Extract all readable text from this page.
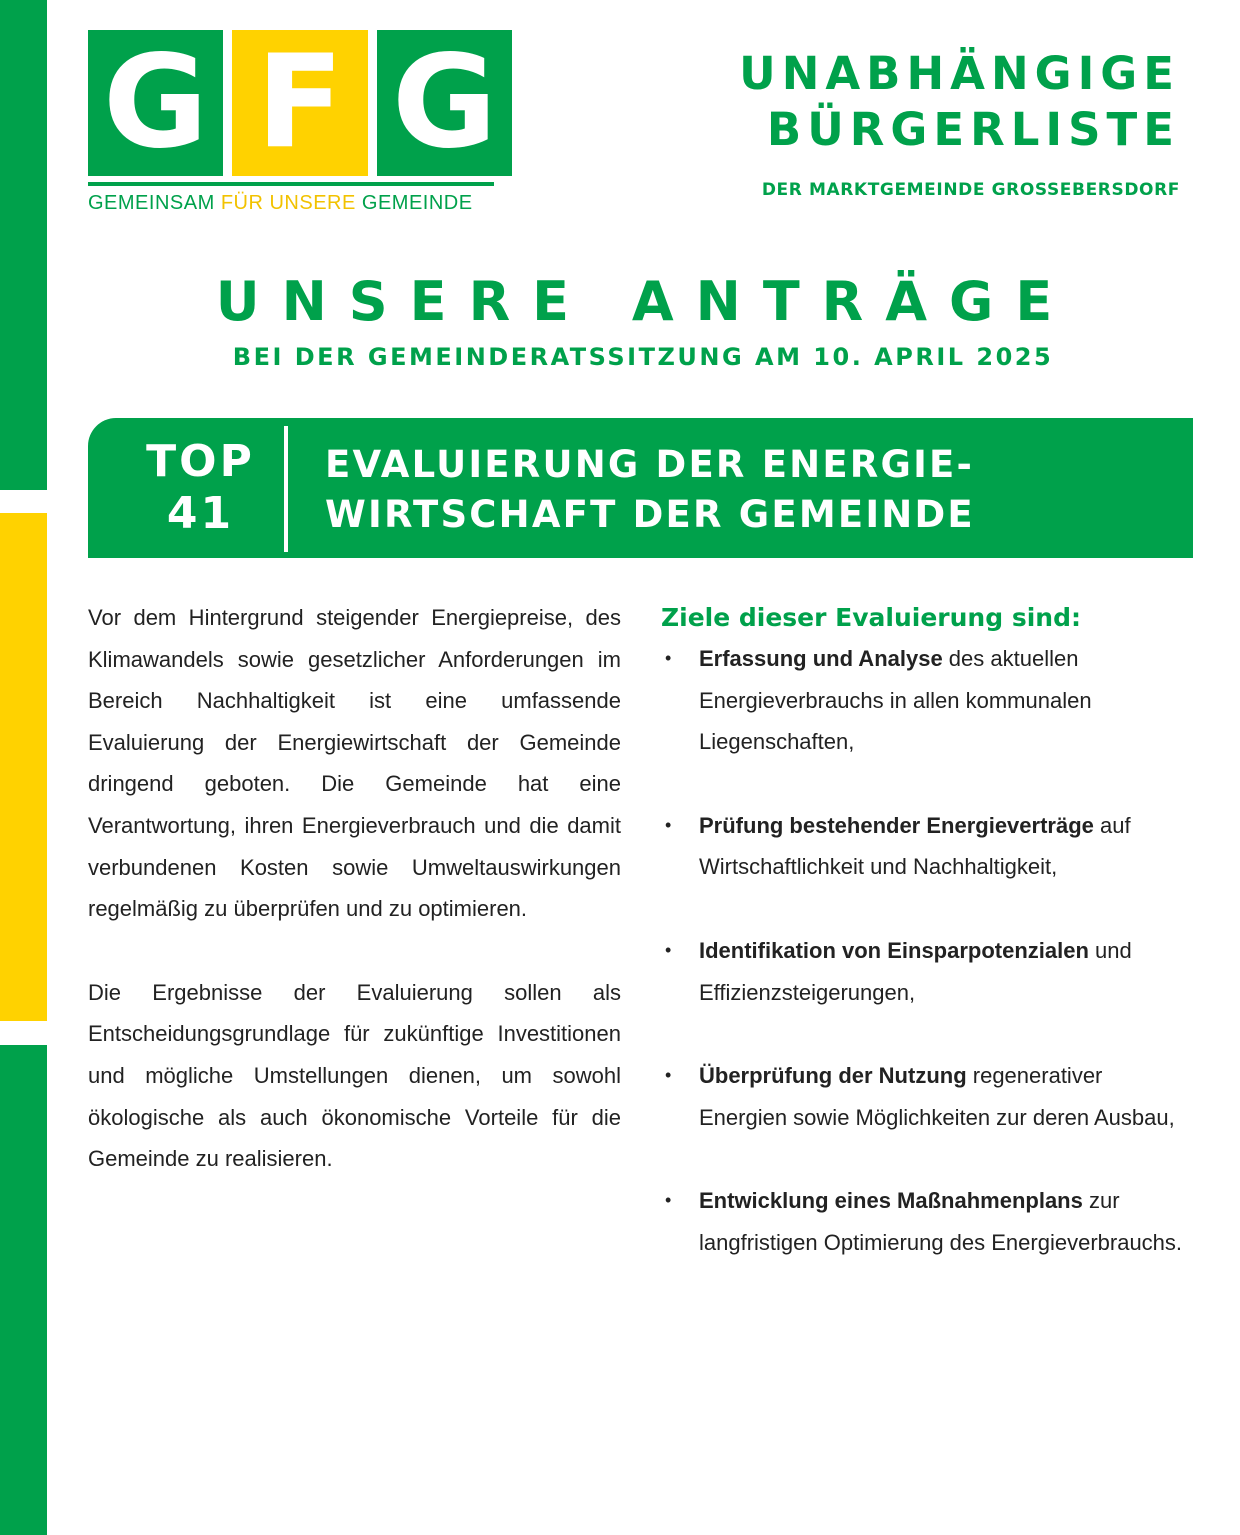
G F G
GEMEINSAM FÜR UNSERE GEMEINDE
UNABHÄNGIGE
BÜRGERLISTE
DER MARKTGEMEINDE GROSSEBERSDORF
UNSERE ANTRÄGE
BEI DER GEMEINDERATSSITZUNG AM 10. APRIL 2025
TOP
41
EVALUIERUNG DER ENERGIE-
WIRTSCHAFT DER GEMEINDE

Vor dem Hintergrund steigender Energiepreise, des Klimawandels sowie gesetzlicher Anforderungen im Bereich Nachhaltigkeit ist eine umfassende Evaluierung der Energiewirtschaft der Gemeinde dringend geboten. Die Gemeinde hat eine Verantwortung, ihren Energieverbrauch und die damit verbundenen Kosten sowie Umweltauswirkungen regelmäßig zu überprüfen und zu optimieren.

Die Ergebnisse der Evaluierung sollen als Entscheidungsgrundlage für zukünftige Investitionen und mögliche Umstellungen dienen, um sowohl ökologische als auch ökonomische Vorteile für die Gemeinde zu realisieren.

Ziele dieser Evaluierung sind:
• Erfassung und Analyse des aktuellen Energieverbrauchs in allen kommunalen Liegenschaften,
• Prüfung bestehender Energieverträge auf Wirtschaftlichkeit und Nachhaltigkeit,
• Identifikation von Einsparpotenzialen und Effizienzsteigerungen,
• Überprüfung der Nutzung regenerativer Energien sowie Möglichkeiten zur deren Ausbau,
• Entwicklung eines Maßnahmenplans zur langfristigen Optimierung des Energieverbrauchs.
